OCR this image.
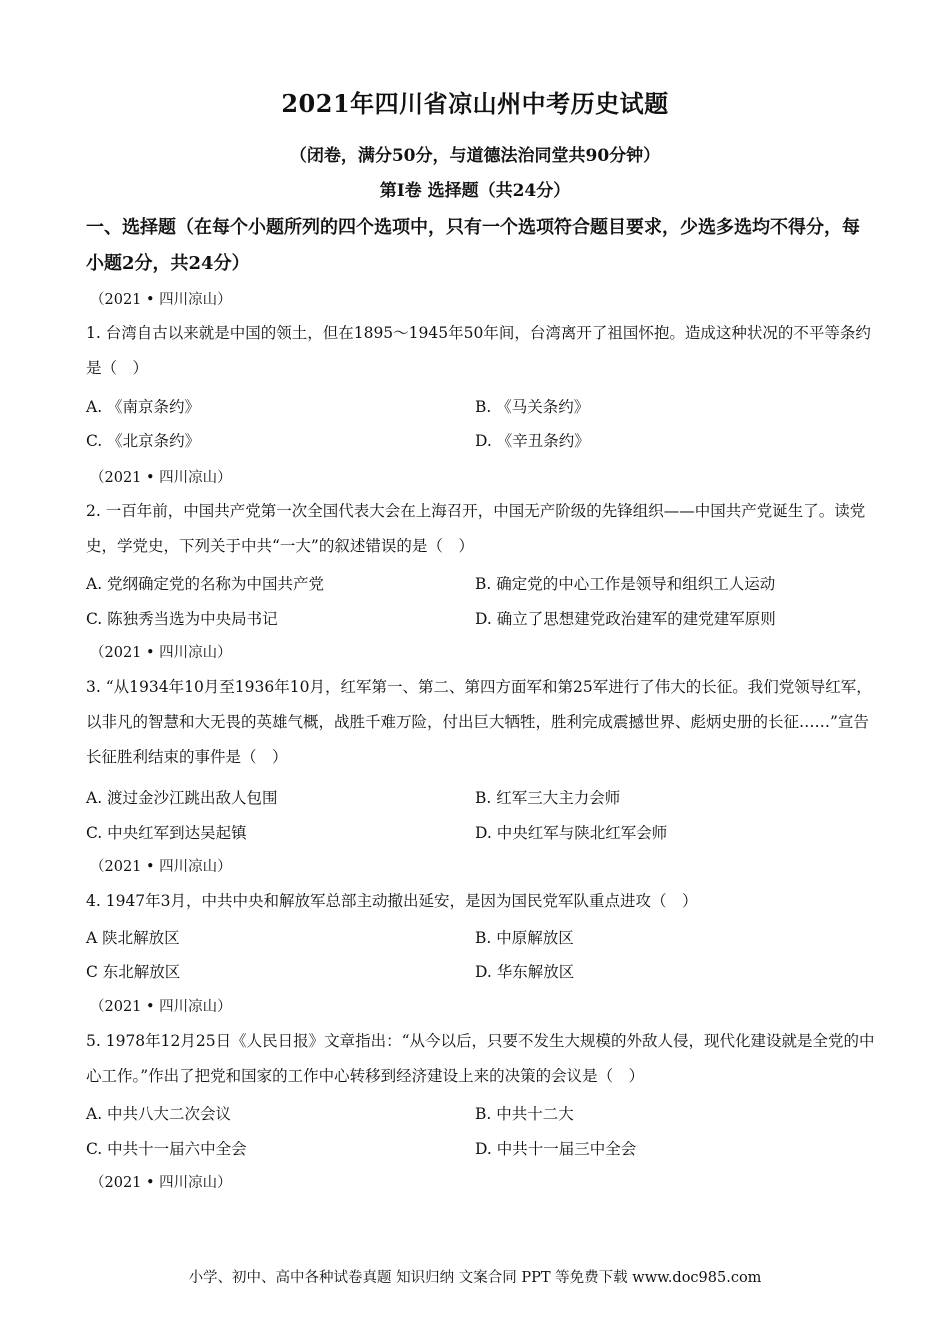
2021年四川省凉山州中考历史试题
（闭卷，满分50分，与道德法治同堂共90分钟）
第Ⅰ卷 选择题（共24分）
一、选择题（在每个小题所列的四个选项中，只有一个选项符合题目要求，少选多选均不得分，每小题2分，共24分）
（2021 • 四川凉山）
1. 台湾自古以来就是中国的领土，但在1895～1945年50年间，台湾离开了祖国怀抱。造成这种状况的不平等条约是（　）
A. 《南京条约》	B. 《马关条约》
C. 《北京条约》	D. 《辛丑条约》
（2021 • 四川凉山）
2. 一百年前，中国共产党第一次全国代表大会在上海召开，中国无产阶级的先锋组织——中国共产党诞生了。读党史，学党史，下列关于中共“一大”的叙述错误的是（　）
A. 党纲确定党的名称为中国共产党	B. 确定党的中心工作是领导和组织工人运动
C. 陈独秀当选为中央局书记	D. 确立了思想建党政治建军的建党建军原则
（2021 • 四川凉山）
3. “从1934年10月至1936年10月，红军第一、第二、第四方面军和第25军进行了伟大的长征。我们党领导红军，以非凡的智慧和大无畏的英雄气概，战胜千难万险，付出巨大牺牲，胜利完成震撼世界、彪炳史册的长征……”宣告长征胜利结束的事件是（　）
A. 渡过金沙江跳出敌人包围	B. 红军三大主力会师
C. 中央红军到达吴起镇	D. 中央红军与陕北红军会师
（2021 • 四川凉山）
4. 1947年3月，中共中央和解放军总部主动撤出延安，是因为国民党军队重点进攻（　）
A 陕北解放区	B. 中原解放区
C 东北解放区	D. 华东解放区
（2021 • 四川凉山）
5. 1978年12月25日《人民日报》文章指出：“从今以后，只要不发生大规模的外敌人侵，现代化建设就是全党的中心工作。”作出了把党和国家的工作中心转移到经济建设上来的决策的会议是（　）
A. 中共八大二次会议	B. 中共十二大
C. 中共十一届六中全会	D. 中共十一届三中全会
（2021 • 四川凉山）
小学、初中、高中各种试卷真题 知识归纳 文案合同 PPT 等免费下载 www.doc985.com
